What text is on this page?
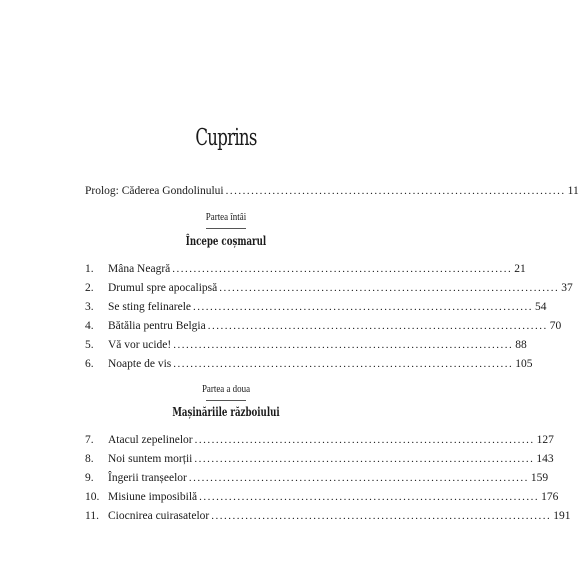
Cuprins
Prolog: Căderea Gondolinului ................................................................................ 11
Partea întâi
Începe coșmarul
1.	Mâna Neagră ................................................................................ 21
2.	Drumul spre apocalipsă ................................................................................ 37
3.	Se sting felinarele ................................................................................ 54
4.	Bătălia pentru Belgia ................................................................................ 70
5.	Vă vor ucide! ................................................................................ 88
6.	Noapte de vis ................................................................................ 105
Partea a doua
Mașinăriile războiului
7.	Atacul zepelinelor ................................................................................ 127
8.	Noi suntem morții ................................................................................ 143
9.	Îngerii tranșeelor ................................................................................ 159
10. Misiune imposibilă ................................................................................ 176
11. Ciocnirea cuirasatelor ................................................................................ 191
